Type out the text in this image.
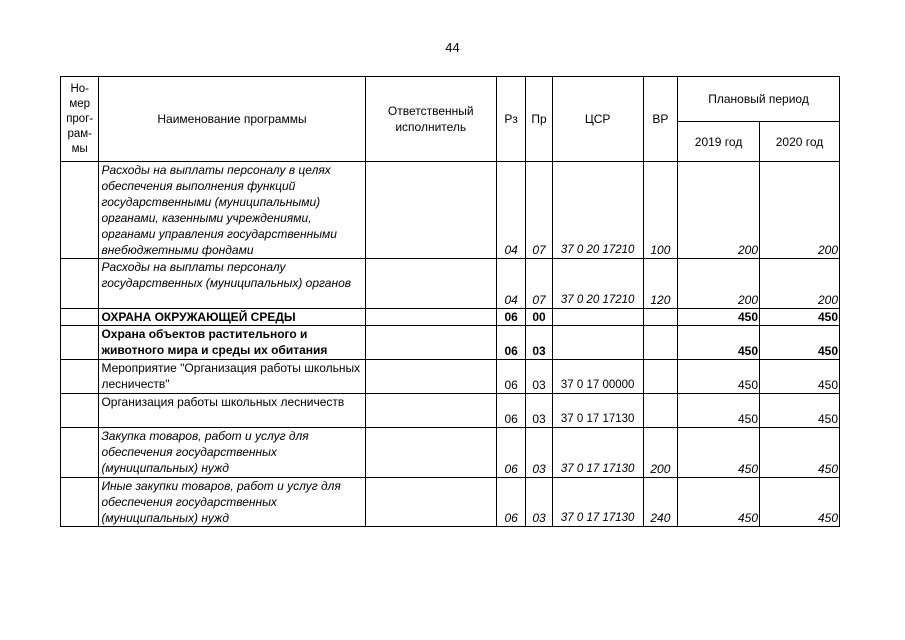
44
Но-мер прог-рам-мы	Наименование программы	Ответственный исполнитель	Рз	Пр	ЦСР	ВР	Плановый период	
							2019 год	2020 год
	Расходы на выплаты персоналу в целях обеспечения выполнения функций государственными (муниципальными) органами, казенными учреждениями, органами управления государственными внебюджетными фондами		04	07	37 0 20 17210	100	200	200
	Расходы на выплаты персоналу государственных (муниципальных) органов		04	07	37 0 20 17210	120	200	200
	ОХРАНА ОКРУЖАЮЩЕЙ СРЕДЫ		06	00			450	450
	Охрана объектов растительного и животного мира и среды их обитания		06	03			450	450
	Мероприятие "Организация работы школьных лесничеств"		06	03	37 0 17 00000		450	450
	Организация работы школьных лесничеств		06	03	37 0 17 17130		450	450
	Закупка товаров, работ и услуг для обеспечения государственных (муниципальных) нужд		06	03	37 0 17 17130	200	450	450
	Иные закупки товаров, работ и услуг для обеспечения государственных (муниципальных) нужд		06	03	37 0 17 17130	240	450	450
